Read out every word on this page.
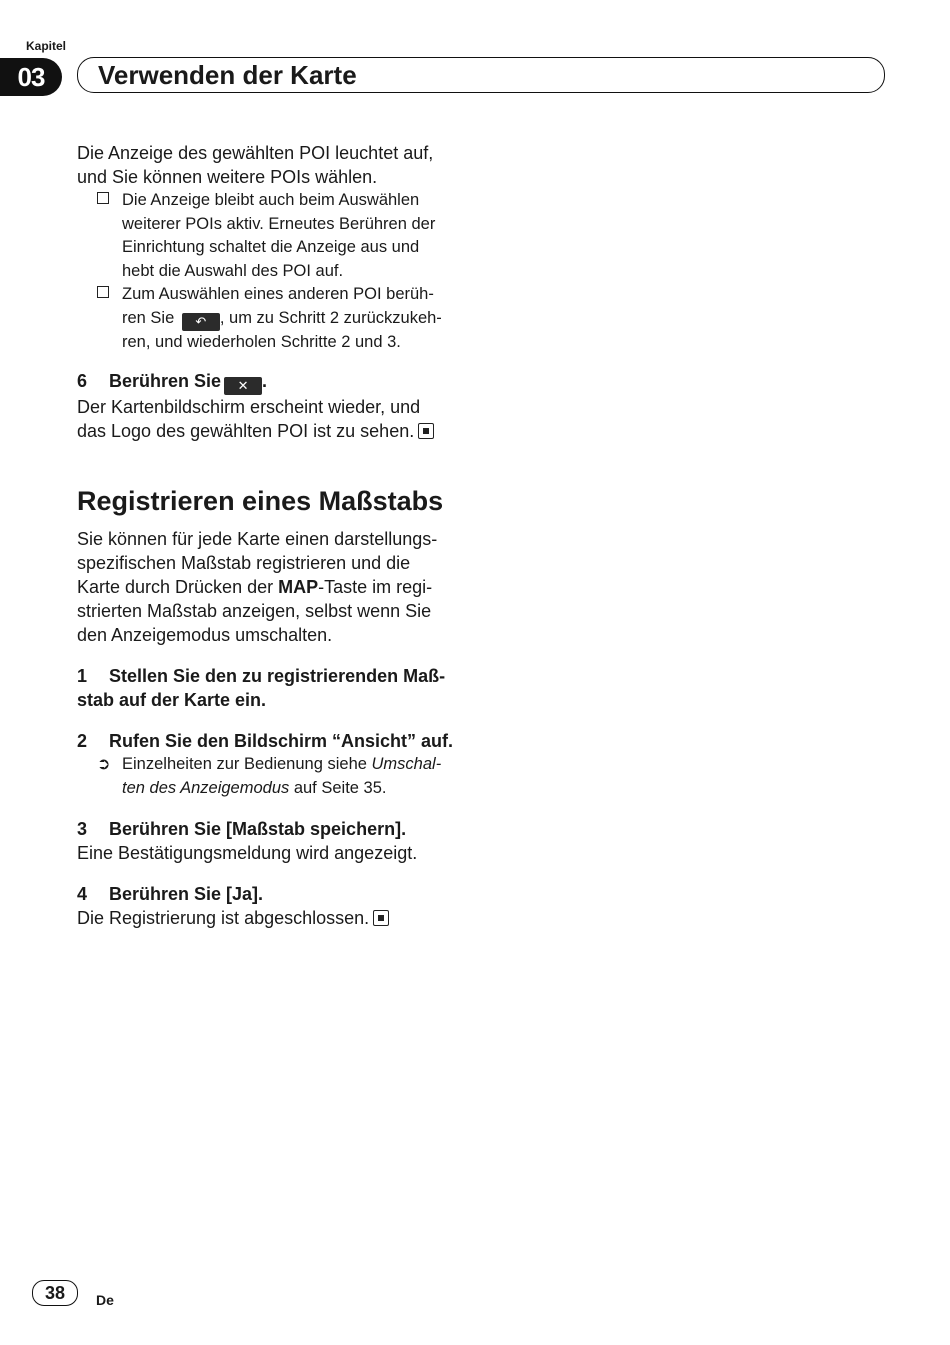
Kapitel
03	Verwenden der Karte

Die Anzeige des gewählten POI leuchtet auf,

und Sie können weitere POIs wählen.

Die Anzeige bleibt auch beim Auswählen
weiterer POIs aktiv. Erneutes Berühren der
Einrichtung schaltet die Anzeige aus und
hebt die Auswahl des POI auf.
Zum Auswählen eines anderen POI berüh-
ren Sie ↶ , um zu Schritt 2 zurückzukeh-
ren, und wiederholen Schritte 2 und 3.

6 Berühren Sie ✕ .

Der Kartenbildschirm erscheint wieder, und

das Logo des gewählten POI ist zu sehen.

Registrieren eines Maßstabs

Sie können für jede Karte einen darstellungs-

spezifischen Maßstab registrieren und die

Karte durch Drücken der MAP-Taste im regi-

strierten Maßstab anzeigen, selbst wenn Sie

den Anzeigemodus umschalten.

1 Stellen Sie den zu registrierenden Maß-

stab auf der Karte ein.

2 Rufen Sie den Bildschirm “Ansicht” auf.

➲ Einzelheiten zur Bedienung siehe Umschal-
ten des Anzeigemodus auf Seite 35.

3 Berühren Sie [Maßstab speichern].

Eine Bestätigungsmeldung wird angezeigt.

4 Berühren Sie [Ja].

Die Registrierung ist abgeschlossen.

38	De
